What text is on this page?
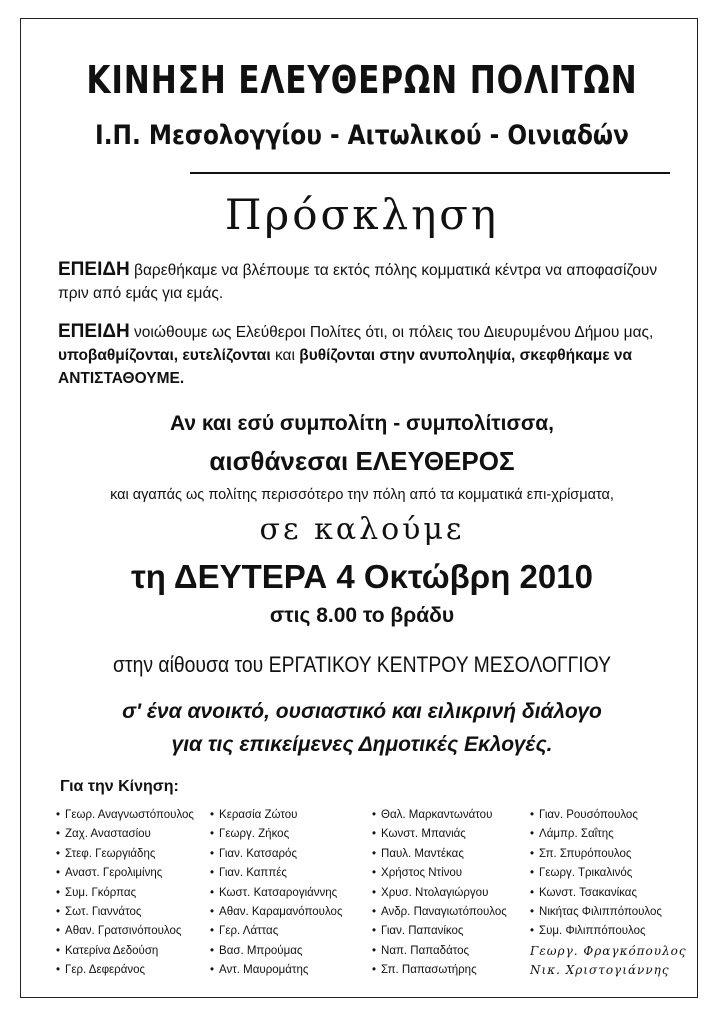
ΚΙΝΗΣΗ ΕΛΕΥΘΕΡΩΝ ΠΟΛΙΤΩΝ
Ι.Π. Μεσολογγίου - Αιτωλικού - Οινιαδών
Πρόσκληση
ΕΠΕΙΔΗ βαρεθήκαμε να βλέπουμε τα εκτός πόλης κομματικά κέντρα να αποφασίζουν πριν από εμάς για εμάς.
ΕΠΕΙΔΗ νοιώθουμε ως Ελεύθεροι Πολίτες ότι, οι πόλεις του Διευρυμένου Δήμου μας, υποβαθμίζονται, ευτελίζονται και βυθίζονται στην ανυποληψία, σκεφθήκαμε να ΑΝΤΙΣΤΑΘΟΥΜΕ.
Αν και εσύ συμπολίτη - συμπολίτισσα,
αισθάνεσαι ΕΛΕΥΘΕΡΟΣ
και αγαπάς ως πολίτης περισσότερο την πόλη από τα κομματικά επι-χρίσματα,
σε καλούμε
τη ΔΕΥΤΕΡΑ 4 Οκτώβρη 2010
στις 8.00 το βράδυ
στην αίθουσα του ΕΡΓΑΤΙΚΟΥ ΚΕΝΤΡΟΥ ΜΕΣΟΛΟΓΓΙΟΥ
σ' ένα ανοικτό, ουσιαστικό και ειλικρινή διάλογο
για τις επικείμενες Δημοτικές Εκλογές.
Για την Κίνηση:
• Γεωρ. Αναγνωστόπουλος
• Ζαχ. Αναστασίου
• Στεφ. Γεωργιάδης
• Αναστ. Γερολιμίνης
• Συμ. Γκόρπας
• Σωτ. Γιαννάτος
• Αθαν. Γρατσινόπουλος
• Κατερίνα Δεδούση
• Γερ. Δεφεράνος
• Κερασία Ζώτου
• Γεωργ. Ζήκος
• Γιαν. Κατσαρός
• Γιαν. Καππές
• Κωστ. Κατσαρογιάννης
• Αθαν. Καραμανόπουλος
• Γερ. Λάττας
• Βασ. Μπρούμας
• Αντ. Μαυρομάτης
• Θαλ. Μαρκαντωνάτου
• Κωνστ. Μπανιάς
• Παυλ. Μαντέκας
• Χρήστος Ντίνου
• Χρυσ. Ντολαγιώργου
• Ανδρ. Παναγιωτόπουλος
• Γιαν. Παπανίκος
• Ναπ. Παπαδάτος
• Σπ. Παπασωτήρης
• Γιαν. Ρουσόπουλος
• Λάμπρ. Σαΐτης
• Σπ. Σπυρόπουλος
• Γεωργ. Τρικαλινός
• Κωνστ. Τσακανίκας
• Νικήτας Φιλιππόπουλος
• Συμ. Φιλιππόπουλος
Γεωργ. Φραγκόπουλος
Νικ. Χριστογιάννης
